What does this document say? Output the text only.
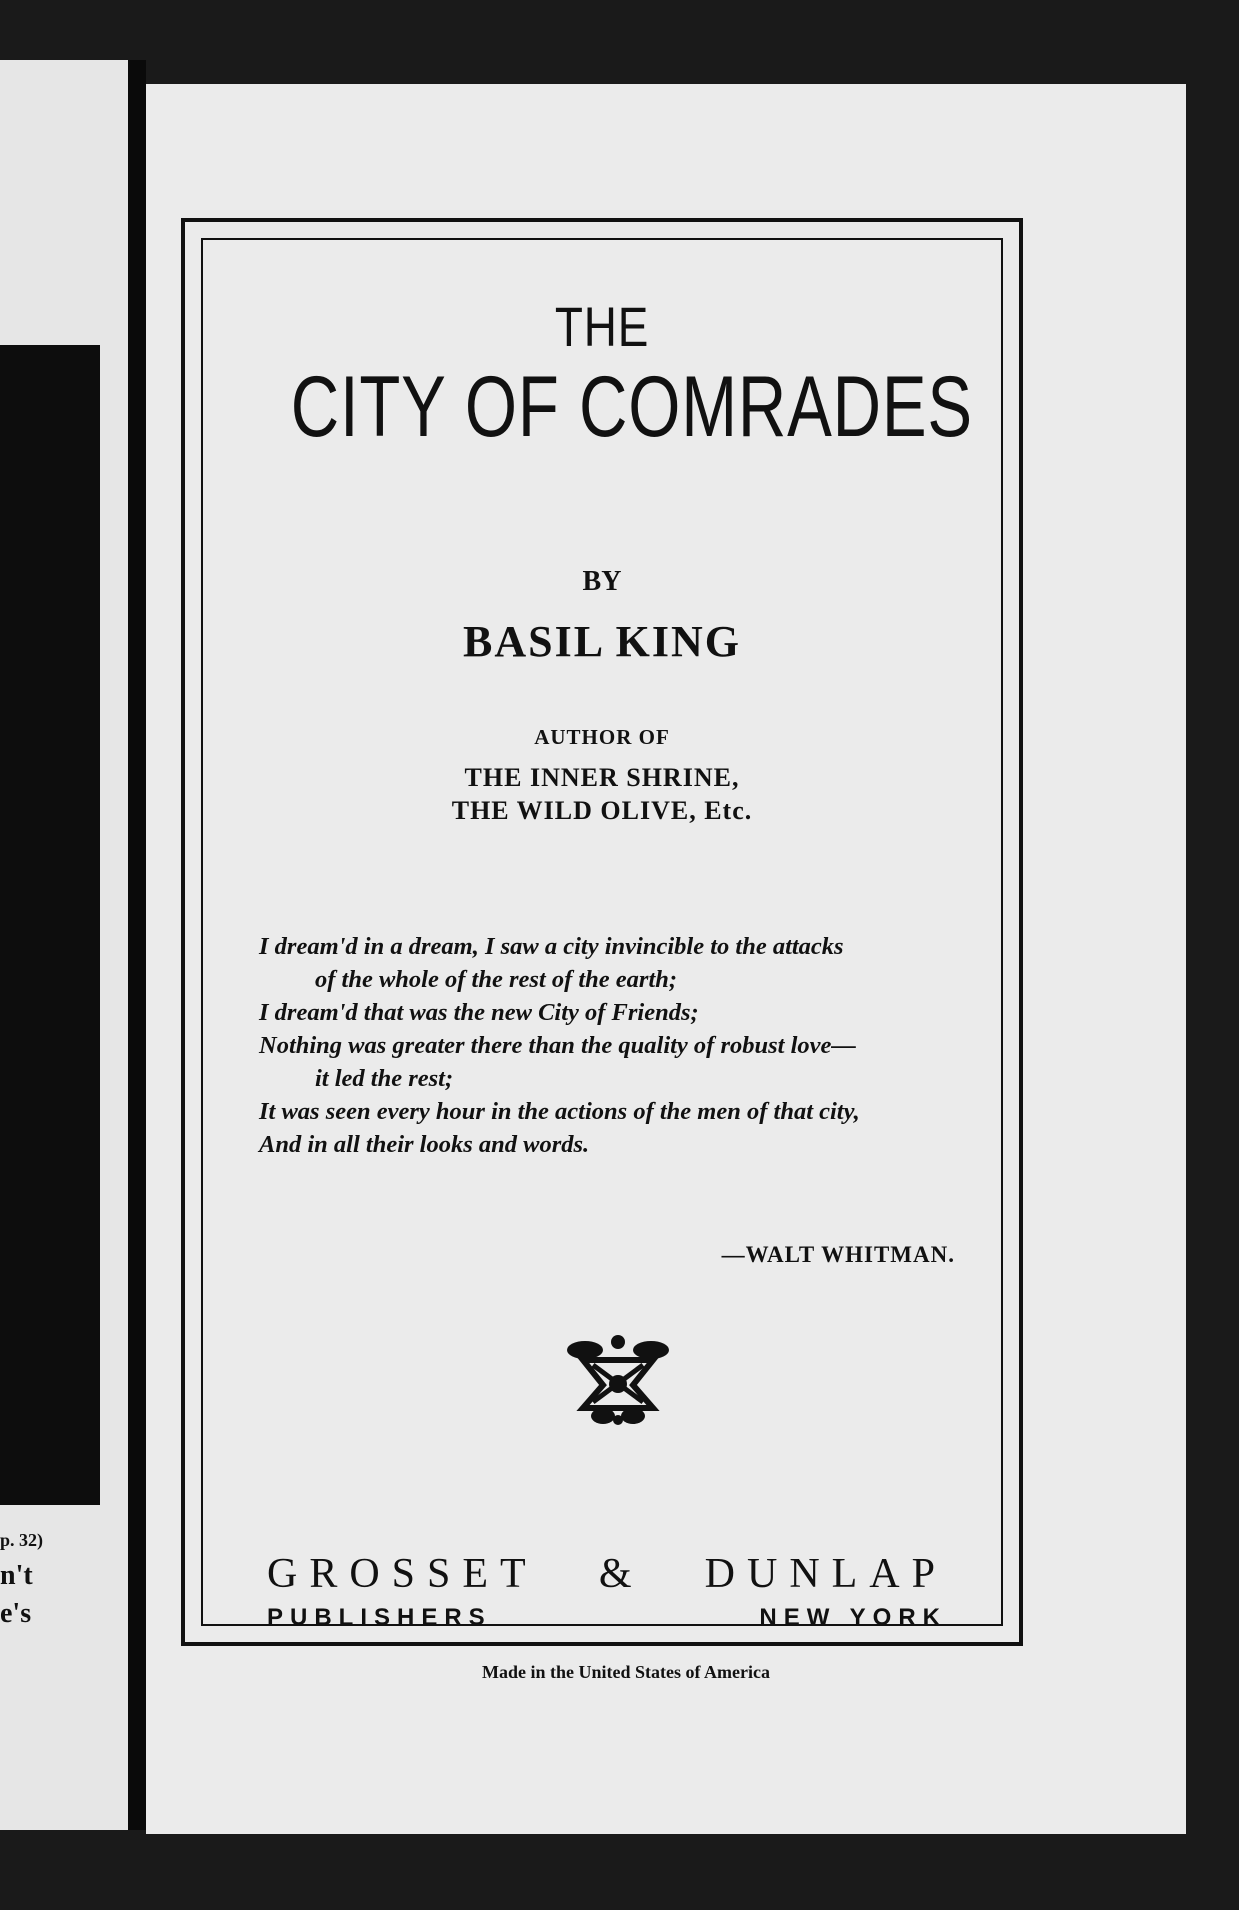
p. 32)
n't
e's
THE
CITY OF COMRADES
BY
BASIL KING
AUTHOR OF
THE INNER SHRINE,
THE WILD OLIVE, Etc.
I dream'd in a dream, I saw a city invincible to the attacks
of the whole of the rest of the earth;
I dream'd that was the new City of Friends;
Nothing was greater there than the quality of robust love—
it led the rest;
It was seen every hour in the actions of the men of that city,
And in all their looks and words.
—WALT WHITMAN.
GROSSET & DUNLAP
PUBLISHERS	NEW YORK
Made in the United States of America
